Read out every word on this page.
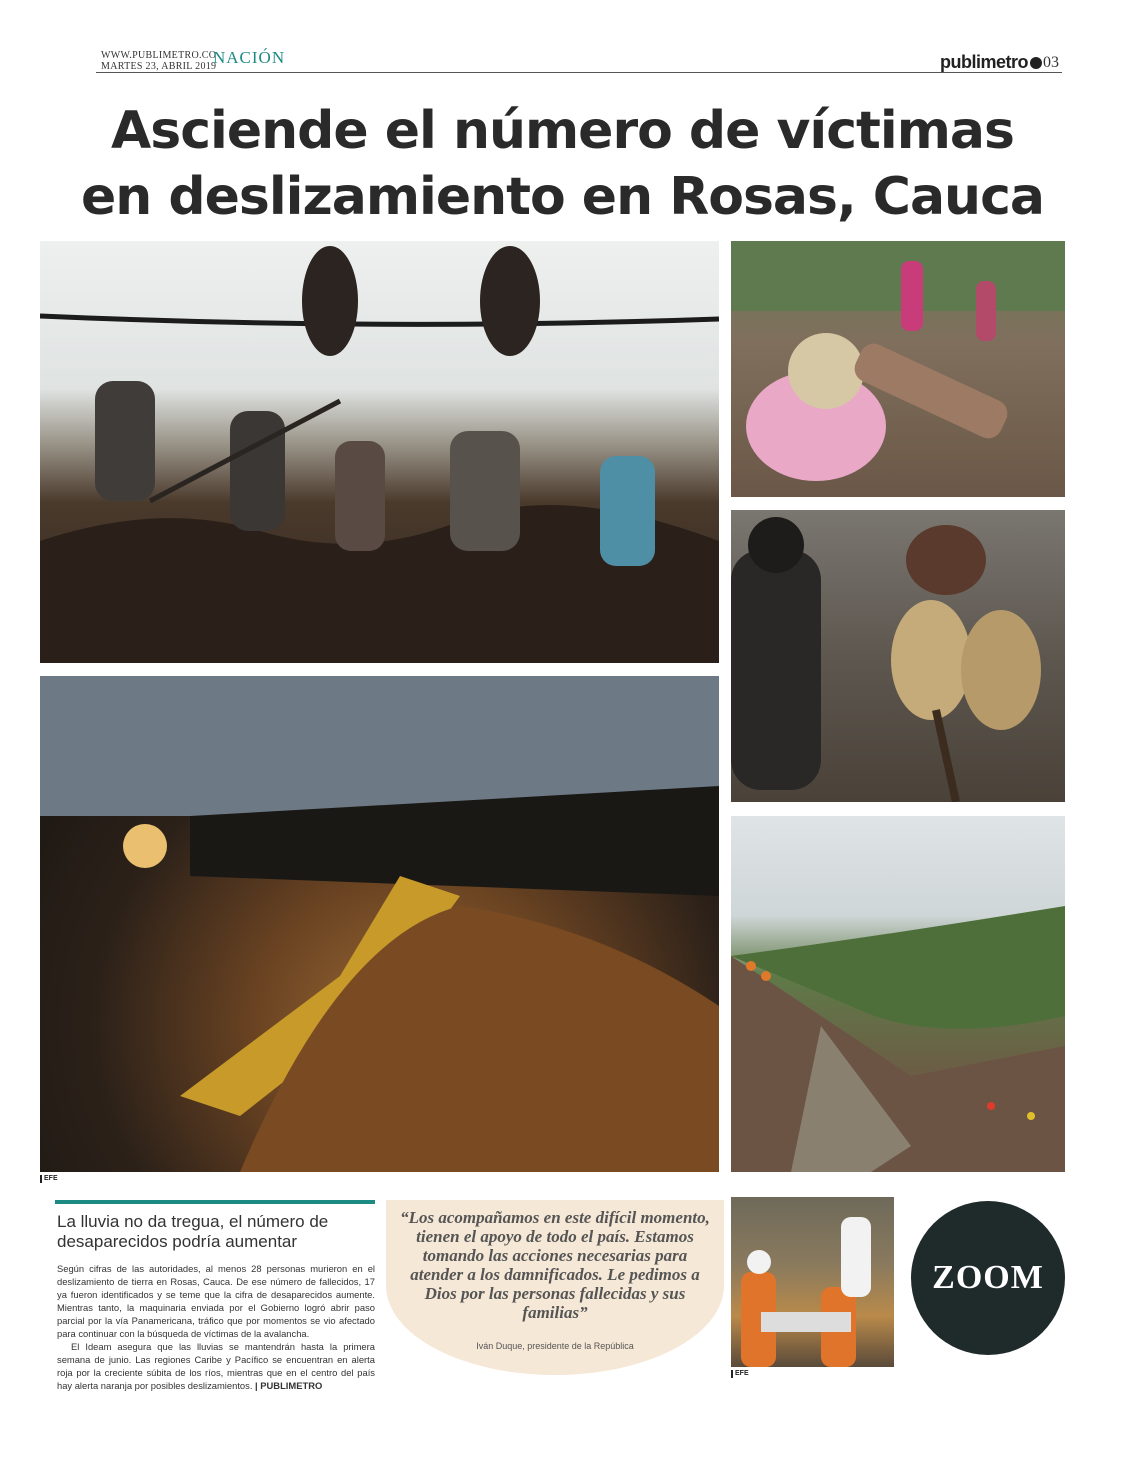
WWW.PUBLIMETRO.CO
MARTES 23, ABRIL 2019
NACIÓN	publimetro 03
Asciende el número de víctimas
en deslizamiento en Rosas, Cauca
EFE
EFE
La lluvia no da tregua, el número de desaparecidos podría aumentar

Según cifras de las autoridades, al menos 28 personas murieron en el deslizamiento de tierra en Rosas, Cauca. De ese número de fallecidos, 17 ya fueron identificados y se teme que la cifra de desaparecidos aumente. Mientras tanto, la maquinaria enviada por el Gobierno logró abrir paso parcial por la vía Panamericana, tráfico que por momentos se vio afectado para continuar con la búsqueda de víctimas de la avalancha.

El Ideam asegura que las lluvias se mantendrán hasta la primera semana de junio. Las regiones Caribe y Pacífico se encuentran en alerta roja por la creciente súbita de los ríos, mientras que en el centro del país hay alerta naranja por posibles deslizamientos. | PUBLIMETRO

“Los acompañamos en este difícil momento, tienen el apoyo de todo el país. Estamos tomando las acciones necesarias para atender a los damnificados. Le pedimos a Dios por las personas fallecidas y sus familias”
Iván Duque, presidente de la República
ZOOM
